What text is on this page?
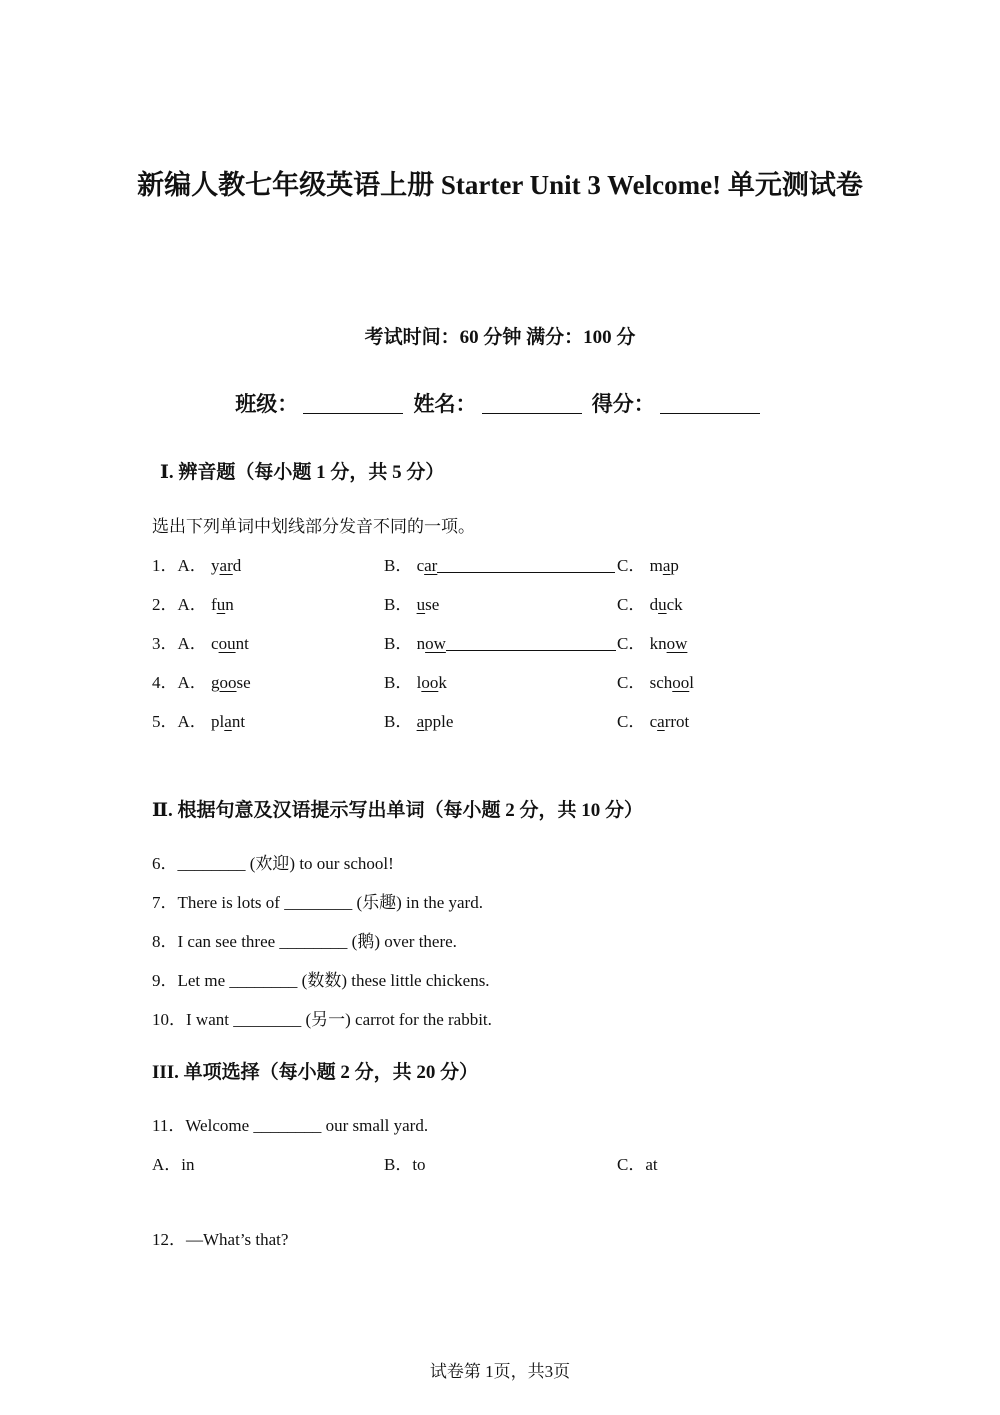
新编人教七年级英语上册 Starter Unit 3 Welcome! 单元测试卷
考试时间：60 分钟 满分：100 分
班级：	姓名：	得分：
Ⅰ. 辨音题（每小题 1 分，共 5 分）
选出下列单词中划线部分发音不同的一项。
1．A． yard	B． car	C． map
2．A． fun	B． use	C． duck
3．A． count	B． now	C． know
4．A． goose	B． look	C． school
5．A． plant	B． apple	C． carrot
Ⅱ. 根据句意及汉语提示写出单词（每小题 2 分，共 10 分）
6．________ (欢迎) to our school!
7．There is lots of ________ (乐趣) in the yard.
8．I can see three ________ (鹅) over there.
9．Let me ________ (数数) these little chickens.
10．I want ________ (另一) carrot for the rabbit.
III. 单项选择（每小题 2 分，共 20 分）
11．Welcome ________ our small yard.
A．in	B．to	C．at
12．—What’s that?
试卷第 1页，共3页
